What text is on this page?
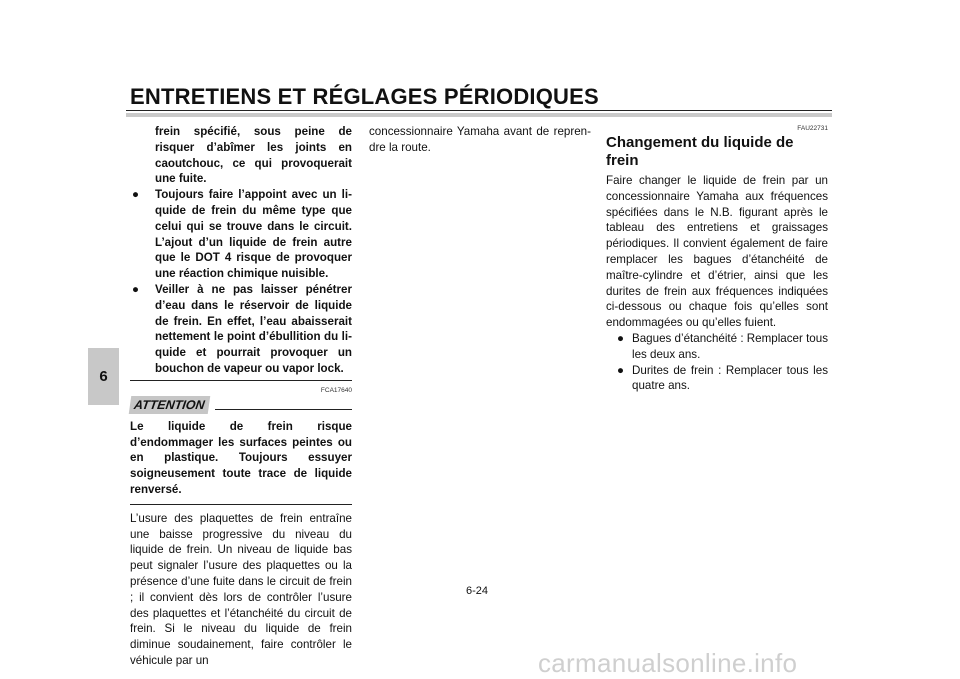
ENTRETIENS ET RÉGLAGES PÉRIODIQUES
6

frein spécifié, sous peine de risquer d’abîmer les joints en caoutchouc, ce qui provoquerait une fuite.

● Toujours faire l’appoint avec un liquide de frein du même type que celui qui se trouve dans le circuit. L’ajout d’un liquide de frein autre que le DOT 4 risque de provoquer une réaction chimique nuisible.

● Veiller à ne pas laisser pénétrer d’eau dans le réservoir de liquide de frein. En effet, l’eau abaisserait nettement le point d’ébullition du liquide et pourrait provoquer un bouchon de vapeur ou vapor lock.

FCA17640
ATTENTION

Le liquide de frein risque d’endommager les surfaces peintes ou en plastique. Toujours essuyer soigneusement toute trace de liquide renversé.

L’usure des plaquettes de frein entraîne une baisse progressive du niveau du liquide de frein. Un niveau de liquide bas peut signaler l’usure des plaquettes ou la présence d’une fuite dans le circuit de frein ; il convient dès lors de contrôler l’usure des plaquettes et l’étanchéité du circuit de frein. Si le niveau du liquide de frein diminue soudainement, faire contrôler le véhicule par un

concessionnaire Yamaha avant de reprendre la route.

FAU22731
Changement du liquide de frein

Faire changer le liquide de frein par un concessionnaire Yamaha aux fréquences spécifiées dans le N.B. figurant après le tableau des entretiens et graissages périodiques. Il convient également de faire remplacer les bagues d’étanchéité de maître-cylindre et d’étrier, ainsi que les durites de frein aux fréquences indiquées ci-dessous ou chaque fois qu’elles sont endommagées ou qu’elles fuient.

● Bagues d’étanchéité : Remplacer tous les deux ans.

● Durites de frein : Remplacer tous les quatre ans.

6-24
carmanualsonline.info
